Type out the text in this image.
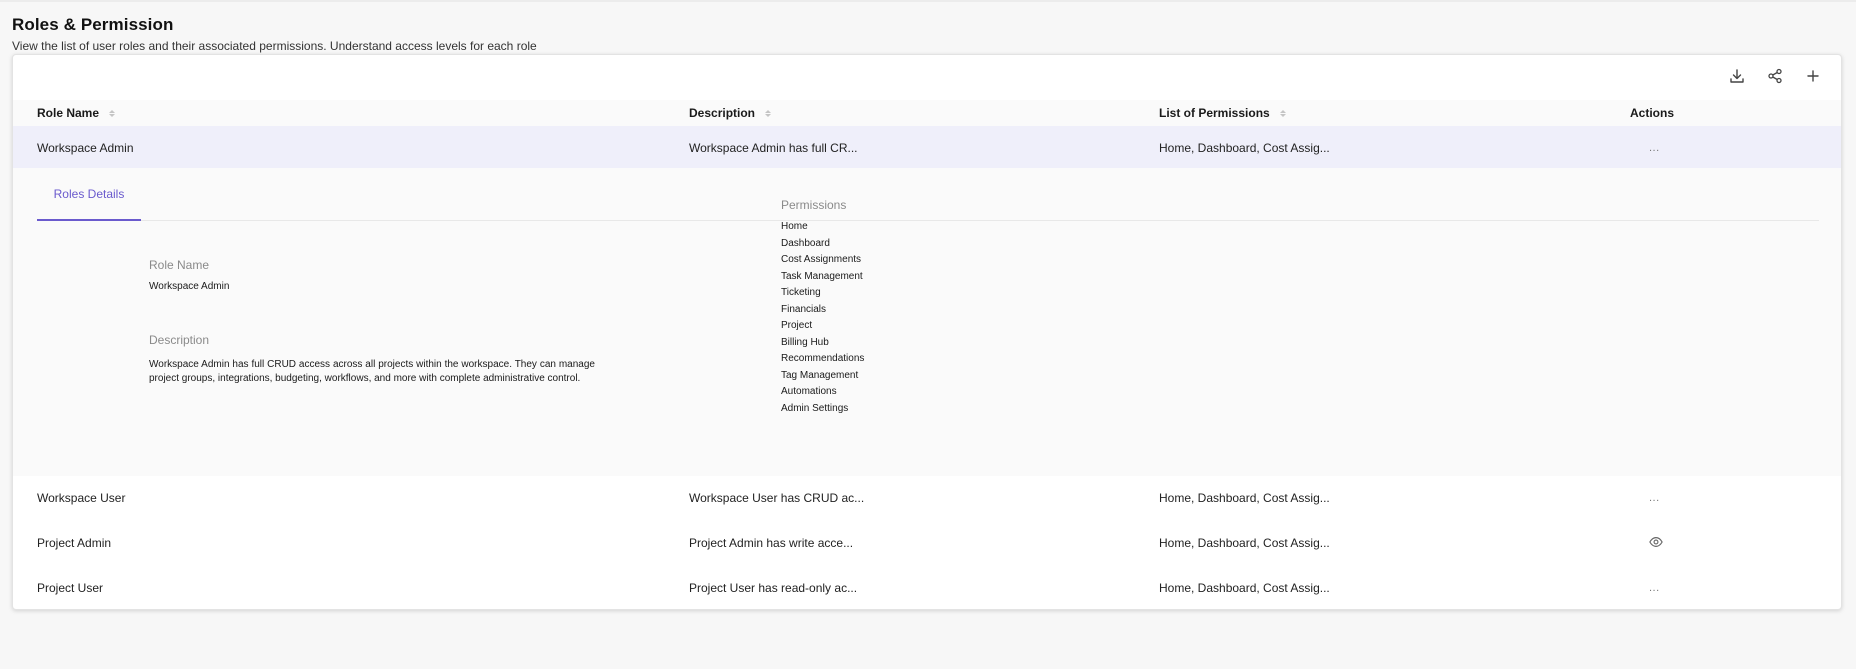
Roles & Permission
View the list of user roles and their associated permissions. Understand access levels for each role
Role Name	Description	List of Permissions	Actions
Workspace Admin	Workspace Admin has full CR...	Home, Dashboard, Cost Assig...	...
Roles Details
Role Name
Workspace Admin
Description
Workspace Admin has full CRUD access across all projects within the workspace. They can manage project groups, integrations, budgeting, workflows, and more with complete administrative control.
Permissions
Home
Dashboard
Cost Assignments
Task Management
Ticketing
Financials
Project
Billing Hub
Recommendations
Tag Management
Automations
Admin Settings
Workspace User	Workspace User has CRUD ac...	Home, Dashboard, Cost Assig...	...
Project Admin	Project Admin has write acce...	Home, Dashboard, Cost Assig...
Project User	Project User has read-only ac...	Home, Dashboard, Cost Assig...	...
